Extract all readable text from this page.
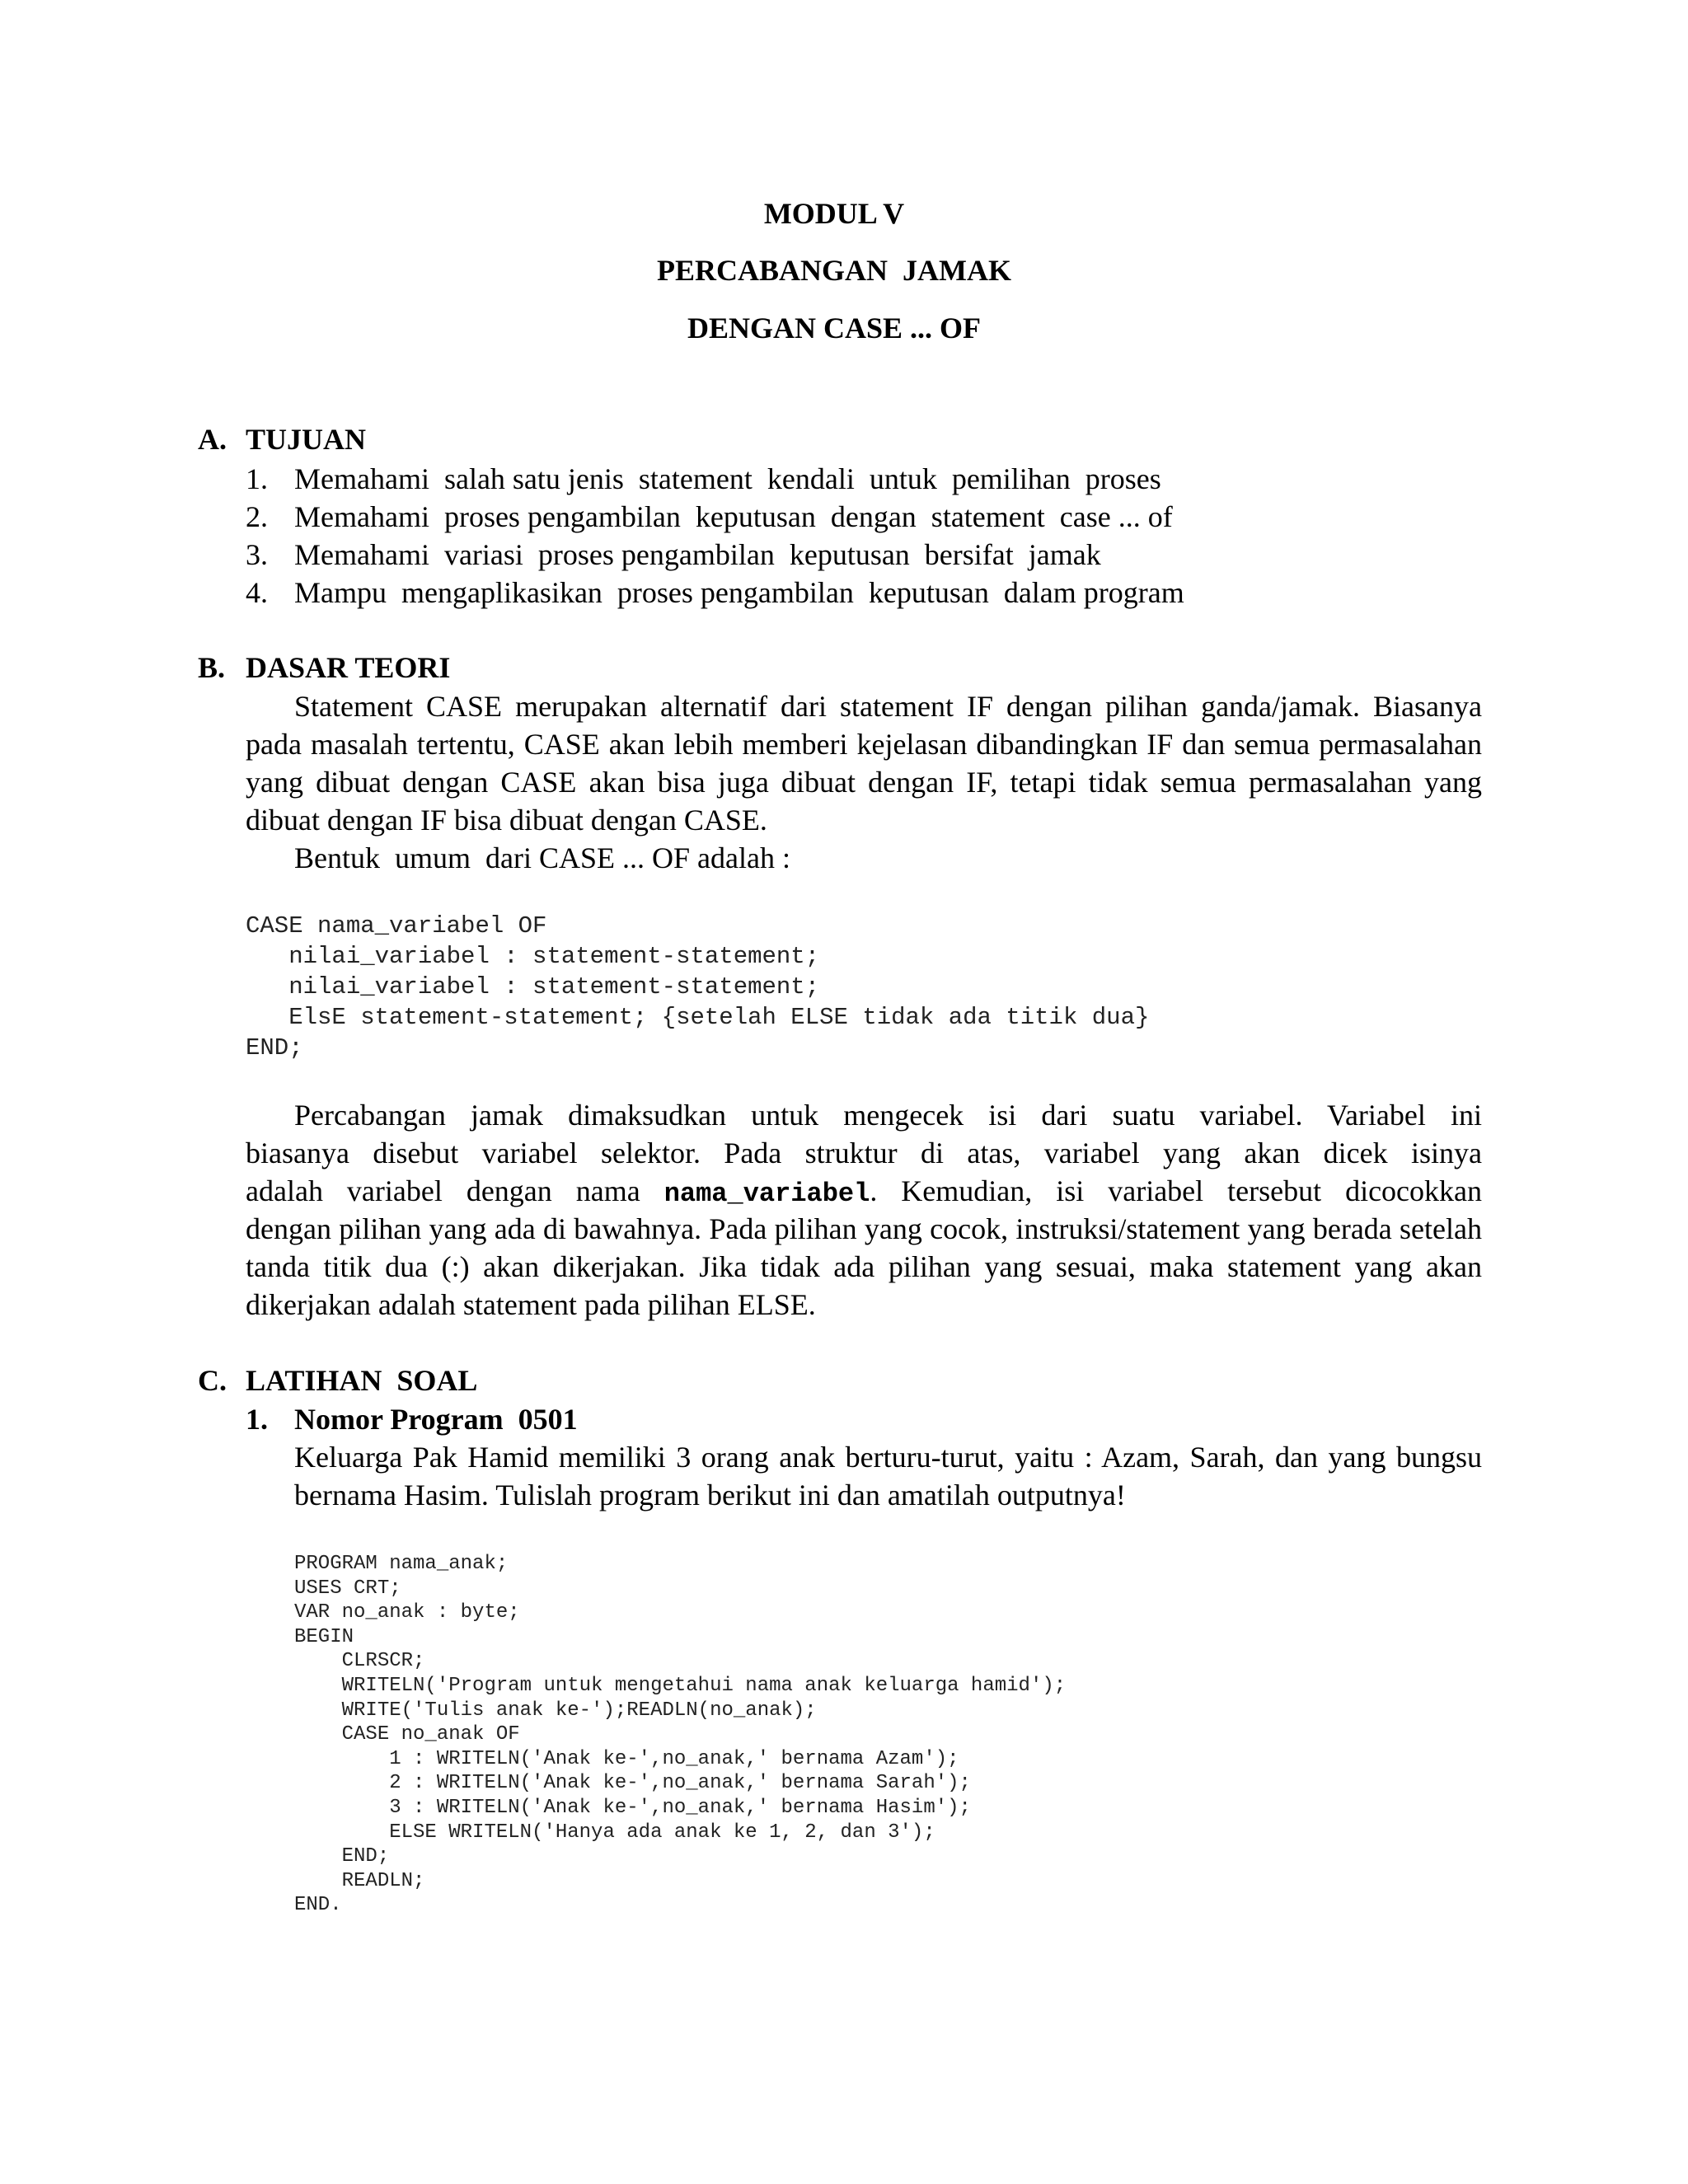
MODUL V
PERCABANGAN  JAMAK
DENGAN CASE ... OF
A. TUJUAN
1. Memahami  salah satu jenis  statement  kendali  untuk  pemilihan  proses
2. Memahami  proses pengambilan  keputusan  dengan  statement  case ... of
3. Memahami  variasi  proses pengambilan  keputusan  bersifat  jamak
4. Mampu  mengaplikasikan  proses pengambilan  keputusan  dalam program
B. DASAR TEORI
Statement CASE merupakan alternatif dari statement IF dengan pilihan ganda/jamak. Biasanya pada masalah tertentu, CASE akan lebih memberi kejelasan dibandingkan IF dan semua permasalahan yang dibuat dengan CASE akan bisa juga dibuat dengan IF, tetapi tidak semua permasalahan yang dibuat dengan IF bisa dibuat dengan CASE.
Bentuk  umum  dari CASE ... OF adalah :
CASE nama_variabel OF
nilai_variabel : statement-statement;
nilai_variabel : statement-statement;
ElsE statement-statement; {setelah ELSE tidak ada titik dua}
END;
Percabangan jamak dimaksudkan untuk mengecek isi dari suatu variabel. Variabel ini
biasanya disebut variabel selektor. Pada struktur di atas, variabel yang akan dicek isinya
adalah variabel dengan nama nama_variabel. Kemudian, isi variabel tersebut dicocokkan
dengan pilihan yang ada di bawahnya. Pada pilihan yang cocok, instruksi/statement yang berada setelah tanda titik dua (:) akan dikerjakan. Jika tidak ada pilihan yang sesuai, maka statement yang akan dikerjakan adalah statement pada pilihan ELSE.
C. LATIHAN  SOAL
1. Nomor Program  0501
Keluarga Pak Hamid memiliki 3 orang anak berturu-turut, yaitu : Azam, Sarah, dan yang bungsu bernama Hasim. Tulislah program berikut ini dan amatilah outputnya!
PROGRAM nama_anak;
USES CRT;
VAR no_anak : byte;
BEGIN
CLRSCR;
WRITELN('Program untuk mengetahui nama anak keluarga hamid');
WRITE('Tulis anak ke-');READLN(no_anak);
CASE no_anak OF
1 : WRITELN('Anak ke-',no_anak,' bernama Azam');
2 : WRITELN('Anak ke-',no_anak,' bernama Sarah');
3 : WRITELN('Anak ke-',no_anak,' bernama Hasim');
ELSE WRITELN('Hanya ada anak ke 1, 2, dan 3');
END;
READLN;
END.
